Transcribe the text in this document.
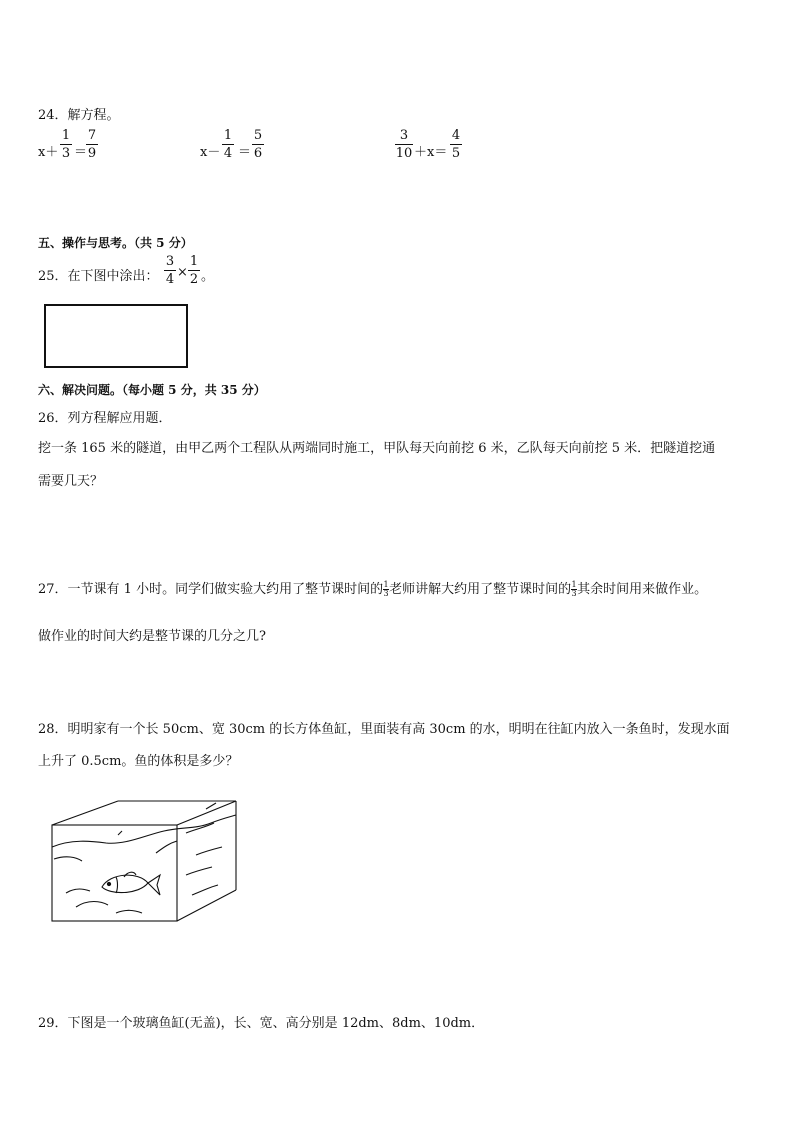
24．解方程。
x＋
1
3 ＝
7
9	x－
1
4 ＝
5
6
3
10 ＋x＝
4
5
五、操作与思考。（共 5 分）
25．在下图中涂出：
3
4 ×
1
2 。
六、解决问题。（每小题 5 分，共 35 分）
26．列方程解应用题．
挖一条 165 米的隧道，由甲乙两个工程队从两端同时施工，甲队每天向前挖 6 米，乙队每天向前挖 5 米．把隧道挖通
需要几天？
27．一节课有 1 小时。同学们做实验大约用了整节课时间的 $\frac{1}{3}$ 老师讲解大约用了整节课时间的 $\frac{1}{3}$ 其余时间用来做作业。
做作业的时间大约是整节课的几分之几?
28．明明家有一个长 50cm、宽 30cm 的长方体鱼缸，里面装有高 30cm 的水，明明在往缸内放入一条鱼时，发现水面
上升了 0.5cm。鱼的体积是多少？
29．下图是一个玻璃鱼缸(无盖)，长、宽、高分别是 12dm、8dm、10dm．
